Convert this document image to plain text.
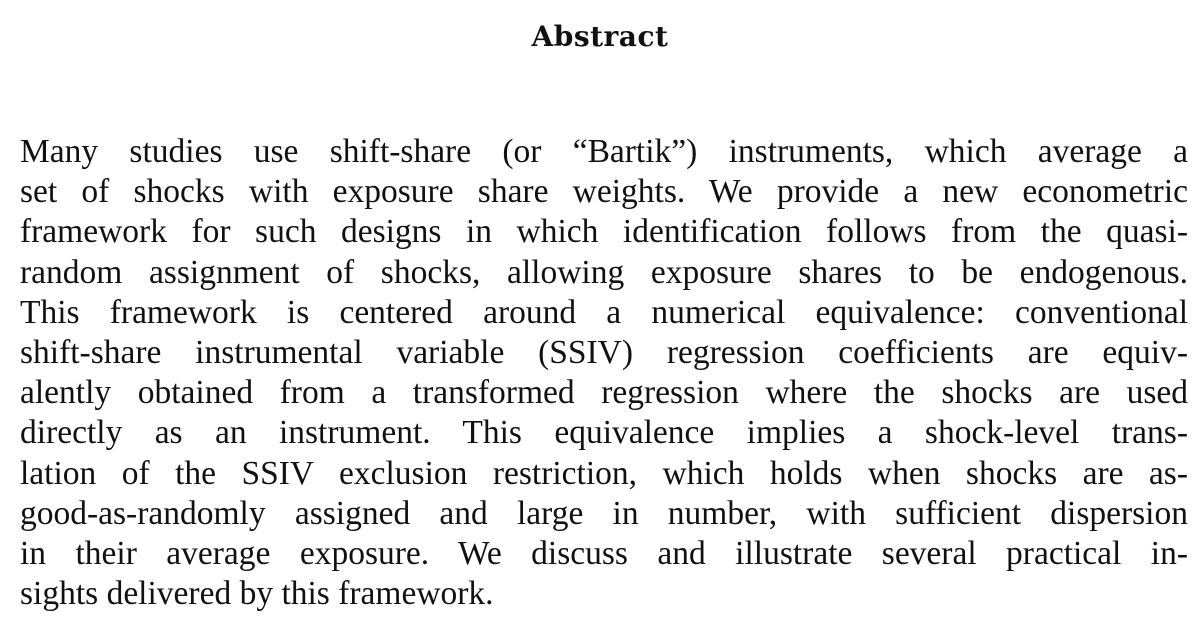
Abstract
Many studies use shift-share (or “Bartik”) instruments, which average a
set of shocks with exposure share weights. We provide a new econometric
framework for such designs in which identification follows from the quasi-
random assignment of shocks, allowing exposure shares to be endogenous.
This framework is centered around a numerical equivalence: conventional
shift-share instrumental variable (SSIV) regression coefficients are equiv-
alently obtained from a transformed regression where the shocks are used
directly as an instrument. This equivalence implies a shock-level trans-
lation of the SSIV exclusion restriction, which holds when shocks are as-
good-as-randomly assigned and large in number, with sufficient dispersion
in their average exposure. We discuss and illustrate several practical in-
sights delivered by this framework.
